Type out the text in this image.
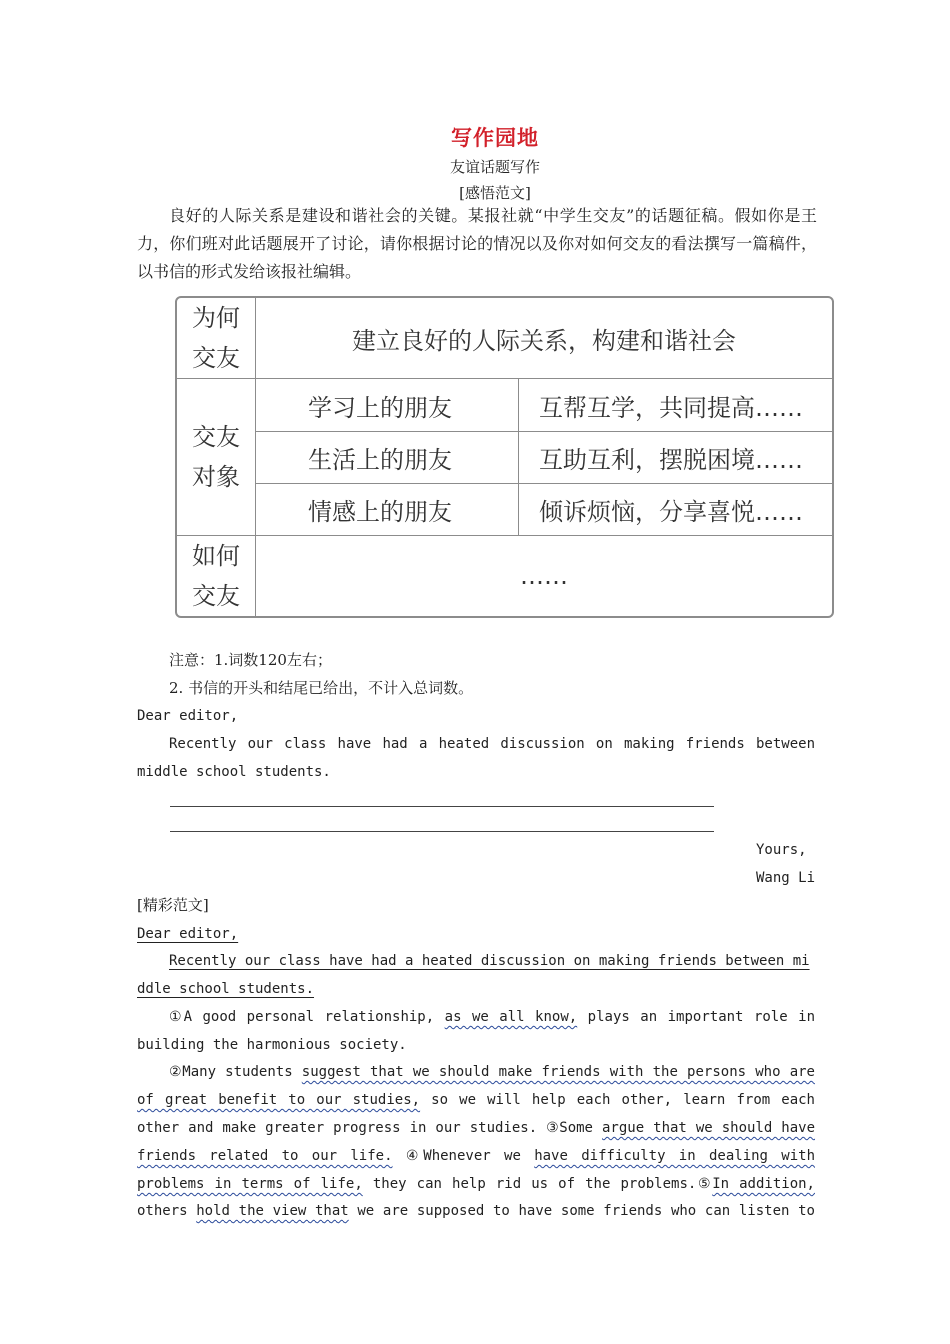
写作园地
友谊话题写作
[感悟范文]
良好的人际关系是建设和谐社会的关键。某报社就“中学生交友”的话题征稿。假如你是王力，你们班对此话题展开了讨论，请你根据讨论的情况以及你对如何交友的看法撰写一篇稿件，以书信的形式发给该报社编辑。
为何
交友	建立良好的人际关系，构建和谐社会	

交友
对象	学习上的朋友	互帮互学，共同提高……
	生活上的朋友	互助互利，摆脱困境……
	情感上的朋友	倾诉烦恼，分享喜悦……

如何
交友	……	
注意：1.词数120左右；
2. 书信的开头和结尾已给出，不计入总词数。
Dear editor,
Recently our class have had a heated discussion on making friends between
middle school students.
Yours,
Wang Li
[精彩范文]
Dear editor,
Recently our class have had a heated discussion on making friends between mi
ddle school students.
①A good personal relationship, as we all know, plays an important role in
building the harmonious society.
②Many students suggest that we should make friends with the persons who are
of great benefit to our studies, so we will help each other, learn from each
other and make greater progress in our studies. ③Some argue that we should have
friends related to our life. ④Whenever we have difficulty in dealing with
problems in terms of life, they can help rid us of the problems.⑤In addition,
others hold the view that we are supposed to have some friends who can listen to
